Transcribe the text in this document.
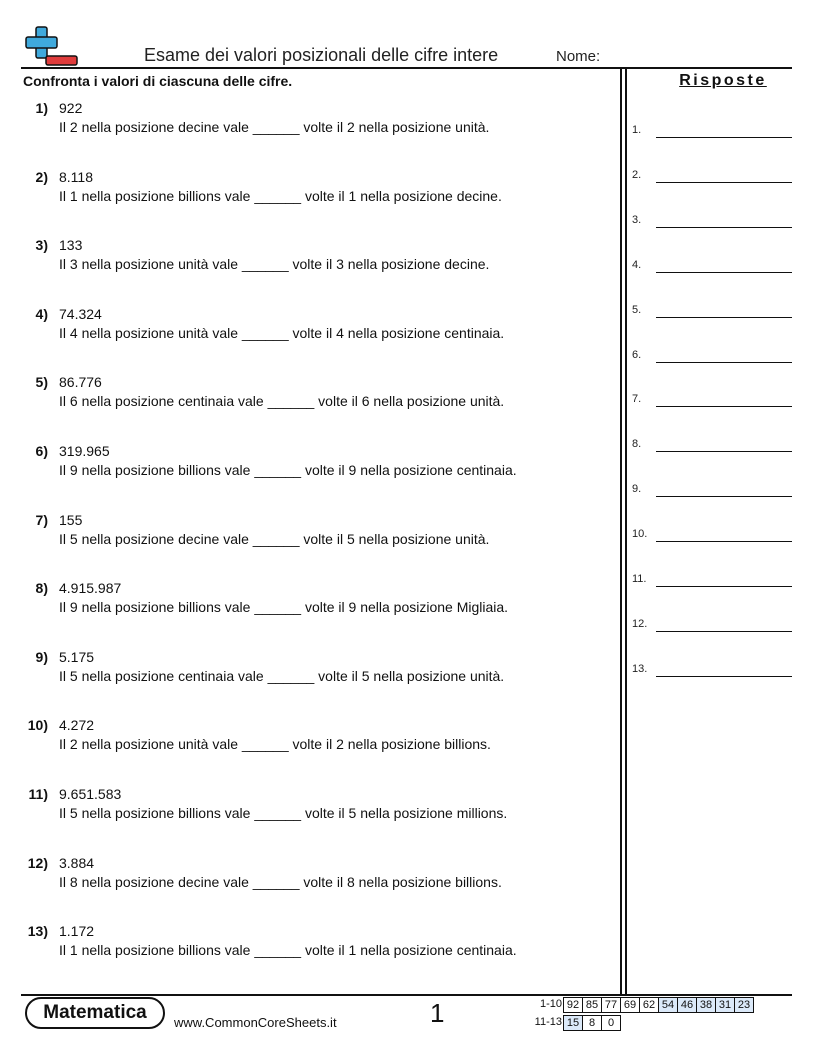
Esame dei valori posizionali delle cifre intere	Nome:
Confronta i valori di ciascuna delle cifre.	Risposte
1.
2.
3.
4.
5.
6.
7.
8.
9.
10.
11.
12.
13.
1) 922
Il 2 nella posizione decine vale ______ volte il 2 nella posizione unità.
2) 8.118
Il 1 nella posizione billions vale ______ volte il 1 nella posizione decine.
3) 133
Il 3 nella posizione unità vale ______ volte il 3 nella posizione decine.
4) 74.324
Il 4 nella posizione unità vale ______ volte il 4 nella posizione centinaia.
5) 86.776
Il 6 nella posizione centinaia vale ______ volte il 6 nella posizione unità.
6) 319.965
Il 9 nella posizione billions vale ______ volte il 9 nella posizione centinaia.
7) 155
Il 5 nella posizione decine vale ______ volte il 5 nella posizione unità.
8) 4.915.987
Il 9 nella posizione billions vale ______ volte il 9 nella posizione Migliaia.
9) 5.175
Il 5 nella posizione centinaia vale ______ volte il 5 nella posizione unità.
10) 4.272
Il 2 nella posizione unità vale ______ volte il 2 nella posizione billions.
11) 9.651.583
Il 5 nella posizione billions vale ______ volte il 5 nella posizione millions.
12) 3.884
Il 8 nella posizione decine vale ______ volte il 8 nella posizione billions.
13) 1.172
Il 1 nella posizione billions vale ______ volte il 1 nella posizione centinaia.
Matematica	www.CommonCoreSheets.it	1	1-10 92 85 77 69 62 54 46 38 31 23
11-13 15 8	0
